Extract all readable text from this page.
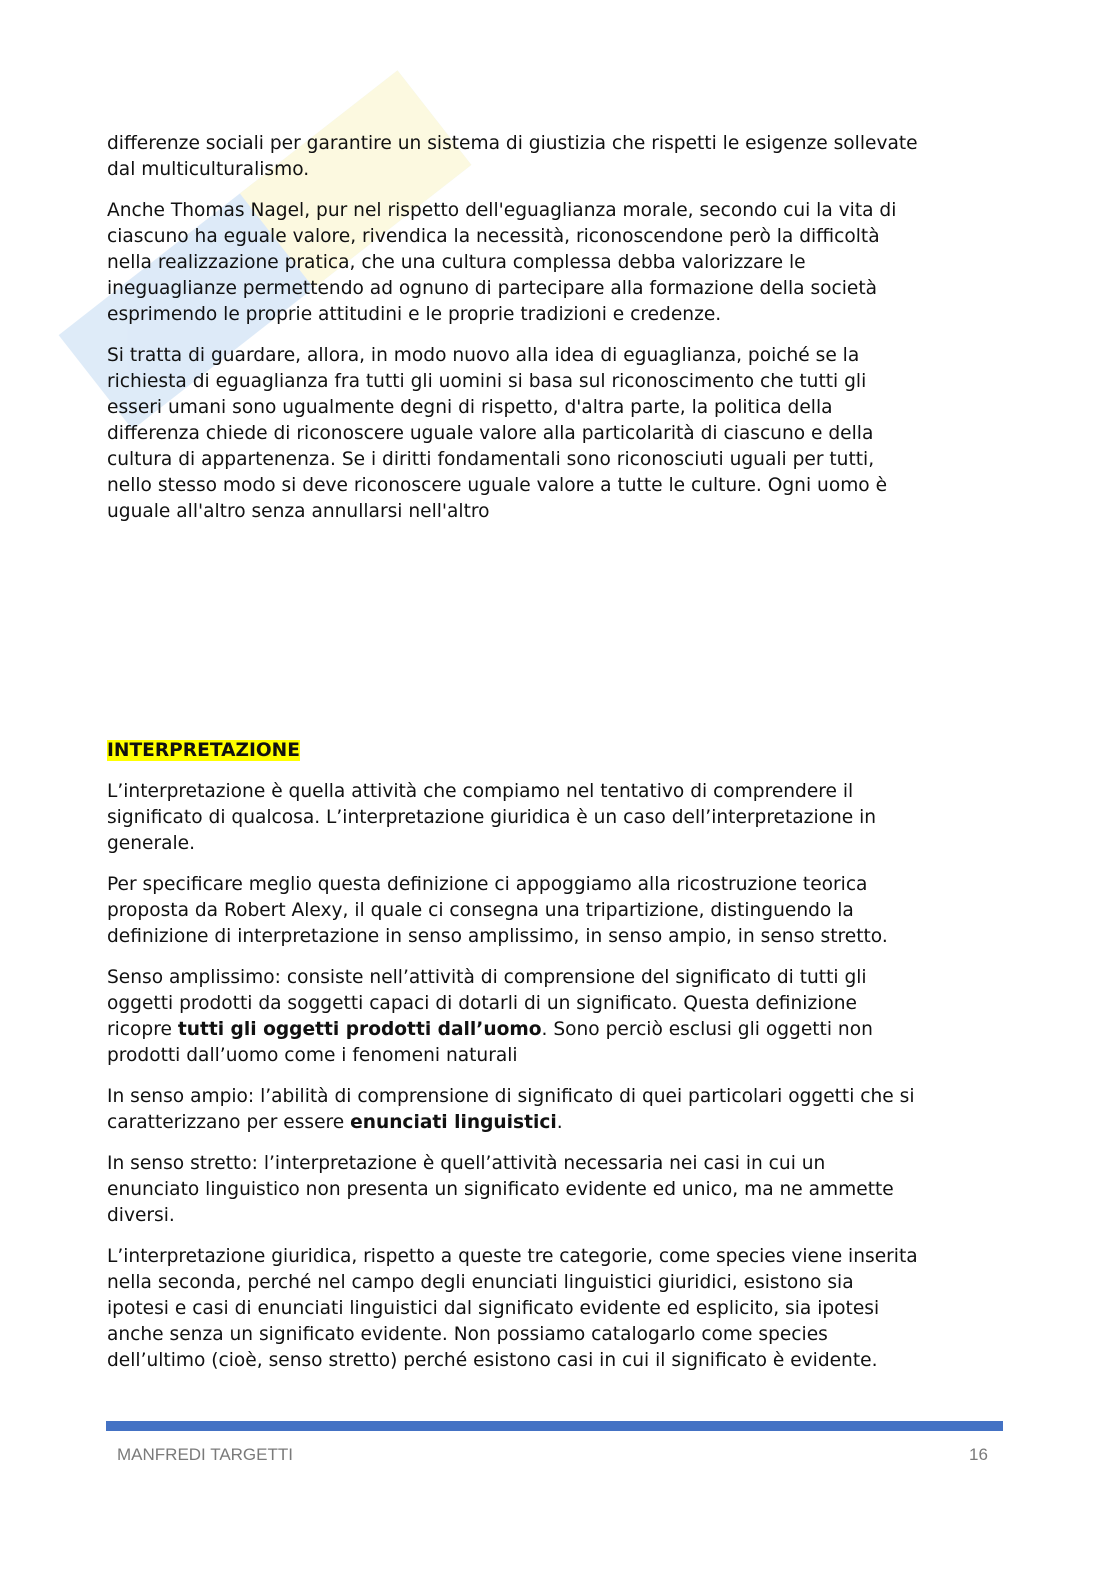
differenze sociali per garantire un sistema di giustizia che rispetti le esigenze sollevate
dal multiculturalismo.
Anche Thomas Nagel, pur nel rispetto dell'eguaglianza morale, secondo cui la vita di
ciascuno ha eguale valore, rivendica la necessità, riconoscendone però la difficoltà
nella realizzazione pratica, che una cultura complessa debba valorizzare le
ineguaglianze permettendo ad ognuno di partecipare alla formazione della società
esprimendo le proprie attitudini e le proprie tradizioni e credenze.
Si tratta di guardare, allora, in modo nuovo alla idea di eguaglianza, poiché se la
richiesta di eguaglianza fra tutti gli uomini si basa sul riconoscimento che tutti gli
esseri umani sono ugualmente degni di rispetto, d'altra parte, la politica della
differenza chiede di riconoscere uguale valore alla particolarità di ciascuno e della
cultura di appartenenza. Se i diritti fondamentali sono riconosciuti uguali per tutti,
nello stesso modo si deve riconoscere uguale valore a tutte le culture. Ogni uomo è
uguale all'altro senza annullarsi nell'altro
INTERPRETAZIONE
L’interpretazione è quella attività che compiamo nel tentativo di comprendere il
significato di qualcosa. L’interpretazione giuridica è un caso dell’interpretazione in
generale.
Per specificare meglio questa definizione ci appoggiamo alla ricostruzione teorica
proposta da Robert Alexy, il quale ci consegna una tripartizione, distinguendo la
definizione di interpretazione in senso amplissimo, in senso ampio, in senso stretto.
Senso amplissimo: consiste nell’attività di comprensione del significato di tutti gli
oggetti prodotti da soggetti capaci di dotarli di un significato. Questa definizione
ricopre tutti gli oggetti prodotti dall’uomo. Sono perciò esclusi gli oggetti non
prodotti dall’uomo come i fenomeni naturali
In senso ampio: l’abilità di comprensione di significato di quei particolari oggetti che si
caratterizzano per essere enunciati linguistici.
In senso stretto: l’interpretazione è quell’attività necessaria nei casi in cui un
enunciato linguistico non presenta un significato evidente ed unico, ma ne ammette
diversi.
L’interpretazione giuridica, rispetto a queste tre categorie, come species viene inserita
nella seconda, perché nel campo degli enunciati linguistici giuridici, esistono sia
ipotesi e casi di enunciati linguistici dal significato evidente ed esplicito, sia ipotesi
anche senza un significato evidente. Non possiamo catalogarlo come species
dell’ultimo (cioè, senso stretto) perché esistono casi in cui il significato è evidente.
MANFREDI TARGETTI	16
